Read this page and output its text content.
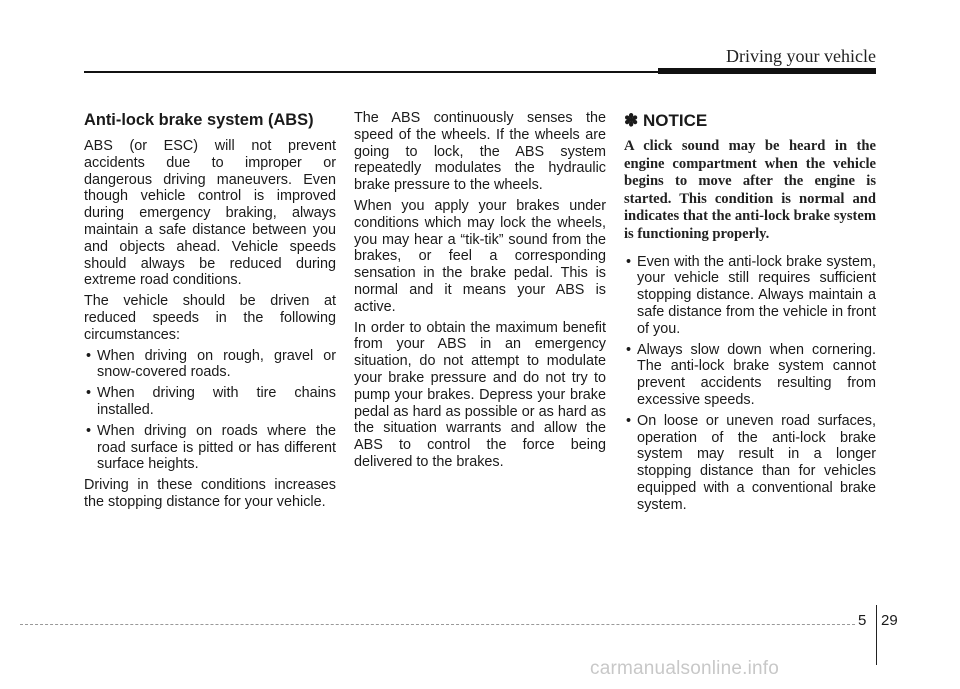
Driving your vehicle
Anti-lock brake system (ABS)

ABS (or ESC) will not prevent accidents due to improper or dangerous driving maneuvers. Even though vehicle control is improved during emergency braking, always maintain a safe distance between you and objects ahead. Vehicle speeds should always be reduced during extreme road conditions.

The vehicle should be driven at reduced speeds in the following circumstances:

• When driving on rough, gravel or snow-covered roads.
• When driving with tire chains installed.
• When driving on roads where the road surface is pitted or has different surface heights.

Driving in these conditions increases the stopping distance for your vehicle.

The ABS continuously senses the speed of the wheels. If the wheels are going to lock, the ABS system repeatedly modulates the hydraulic brake pressure to the wheels.

When you apply your brakes under conditions which may lock the wheels, you may hear a “tik-tik” sound from the brakes, or feel a corresponding sensation in the brake pedal. This is normal and it means your ABS is active.

In order to obtain the maximum benefit from your ABS in an emergency situation, do not attempt to modulate your brake pressure and do not try to pump your brakes. Depress your brake pedal as hard as possible or as hard as the situation warrants and allow the ABS to control the force being delivered to the brakes.

✽ NOTICE

A click sound may be heard in the engine compartment when the vehicle begins to move after the engine is started. This condition is normal and indicates that the anti-lock brake system is functioning properly.

• Even with the anti-lock brake system, your vehicle still requires sufficient stopping distance. Always maintain a safe distance from the vehicle in front of you.
• Always slow down when cornering. The anti-lock brake system cannot prevent accidents resulting from excessive speeds.
• On loose or uneven road surfaces, operation of the anti-lock brake system may result in a longer stopping distance than for vehicles equipped with a conventional brake system.
5 29
carmanualsonline.info
